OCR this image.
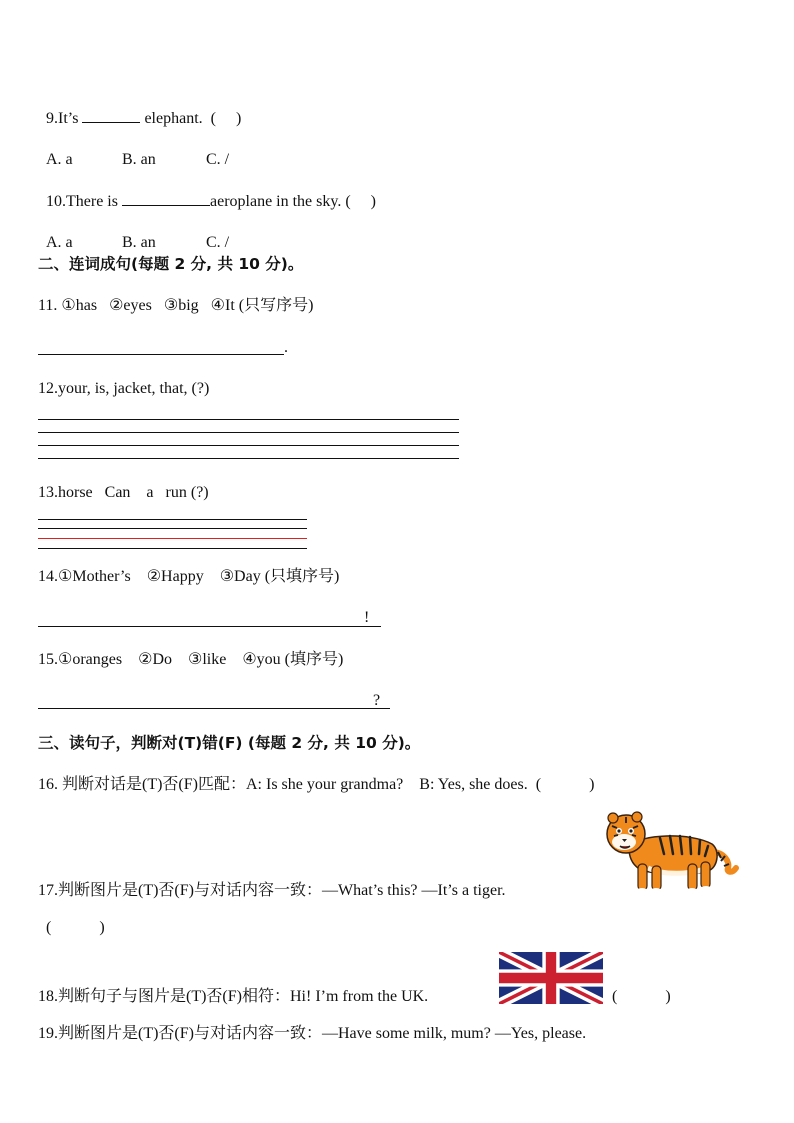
9.It’s	elephant.  (     )

A. a	B. an	C. /

10.There is	aeroplane in the sky. (     )

A. a	B. an	C. /

二、连词成句(每题 2 分, 共 10 分)。
11. ①has   ②eyes   ③big   ④It (只写序号)
.
12.your, is, jacket, that, (?)
13.horse   Can    a   run (?)
14.①Mother’s    ②Happy    ③Day (只填序号)
!
15.①oranges    ②Do    ③like    ④you (填序号)
?
三、读句子，判断对(T)错(F) (每题 2 分, 共 10 分)。
16. 判断对话是(T)否(F)匹配：A: Is she your grandma?    B: Yes, she does.  (            )
17.判断图片是(T)否(F)与对话内容一致：—What’s this? —It’s a tiger.
(            )
18.判断句子与图片是(T)否(F)相符：Hi! I’m from the UK.	(            )
19.判断图片是(T)否(F)与对话内容一致：—Have some milk, mum? —Yes, please.
